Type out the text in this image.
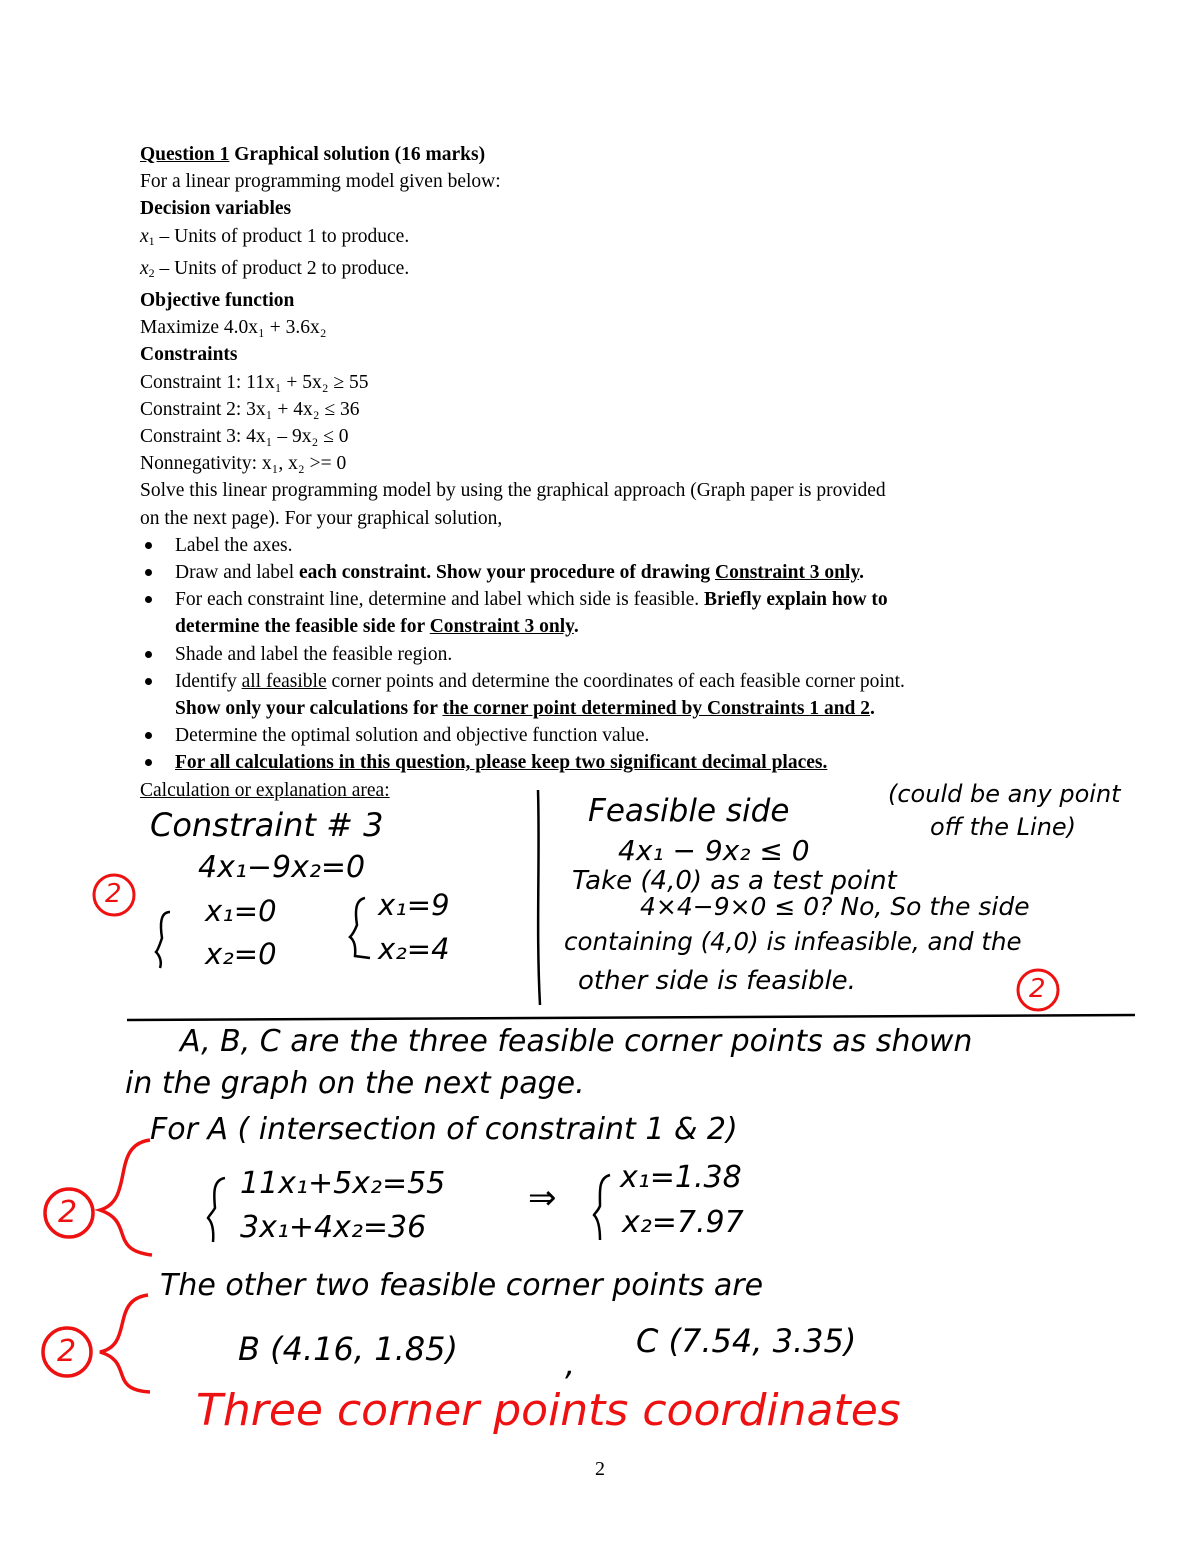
Question 1 Graphical solution (16 marks)
For a linear programming model given below:
Decision variables
$x_1$ – Units of product 1 to produce.
$x_2$ – Units of product 2 to produce.
Objective function
Maximize 4.0x₁ + 3.6x₂
Constraints
Constraint 1: 11x₁ + 5x₂ ≥ 55
Constraint 2: 3x₁ + 4x₂ ≤ 36
Constraint 3: 4x₁ – 9x₂ ≤ 0
Nonnegativity: x₁, x₂ >= 0
Solve this linear programming model by using the graphical approach (Graph paper is provided
on the next page). For your graphical solution,
Label the axes.
Draw and label each constraint. Show your procedure of drawing Constraint 3 only.
For each constraint line, determine and label which side is feasible. Briefly explain how to
determine the feasible side for Constraint 3 only.
Shade and label the feasible region.
Identify all feasible corner points and determine the coordinates of each feasible corner point.
Show only your calculations for the corner point determined by Constraints 1 and 2.
Determine the optimal solution and objective function value.
For all calculations in this question, please keep two significant decimal places.
Calculation or explanation area:
Constraint # 3
4x₁−9x₂=0
x₁=0
x₂=0
x₁=9
x₂=4
2
Feasible side	(could be any point
off the Line)
4x₁ − 9x₂ ≤ 0
Take (4,0) as a test point
4×4−9×0 ≤ 0? No, So the side
containing (4,0) is infeasible, and the
other side is feasible.	2
A, B, C are the three feasible corner points as shown
in the graph on the next page.
For A ( intersection of constraint 1 & 2)
11x₁+5x₂=55
3x₁+4x₂=36
⇒
x₁=1.38
x₂=7.97
2
The other two feasible corner points are
B (4.16, 1.85)	,
C (7.54, 3.35)
2
Three corner points coordinates
2
